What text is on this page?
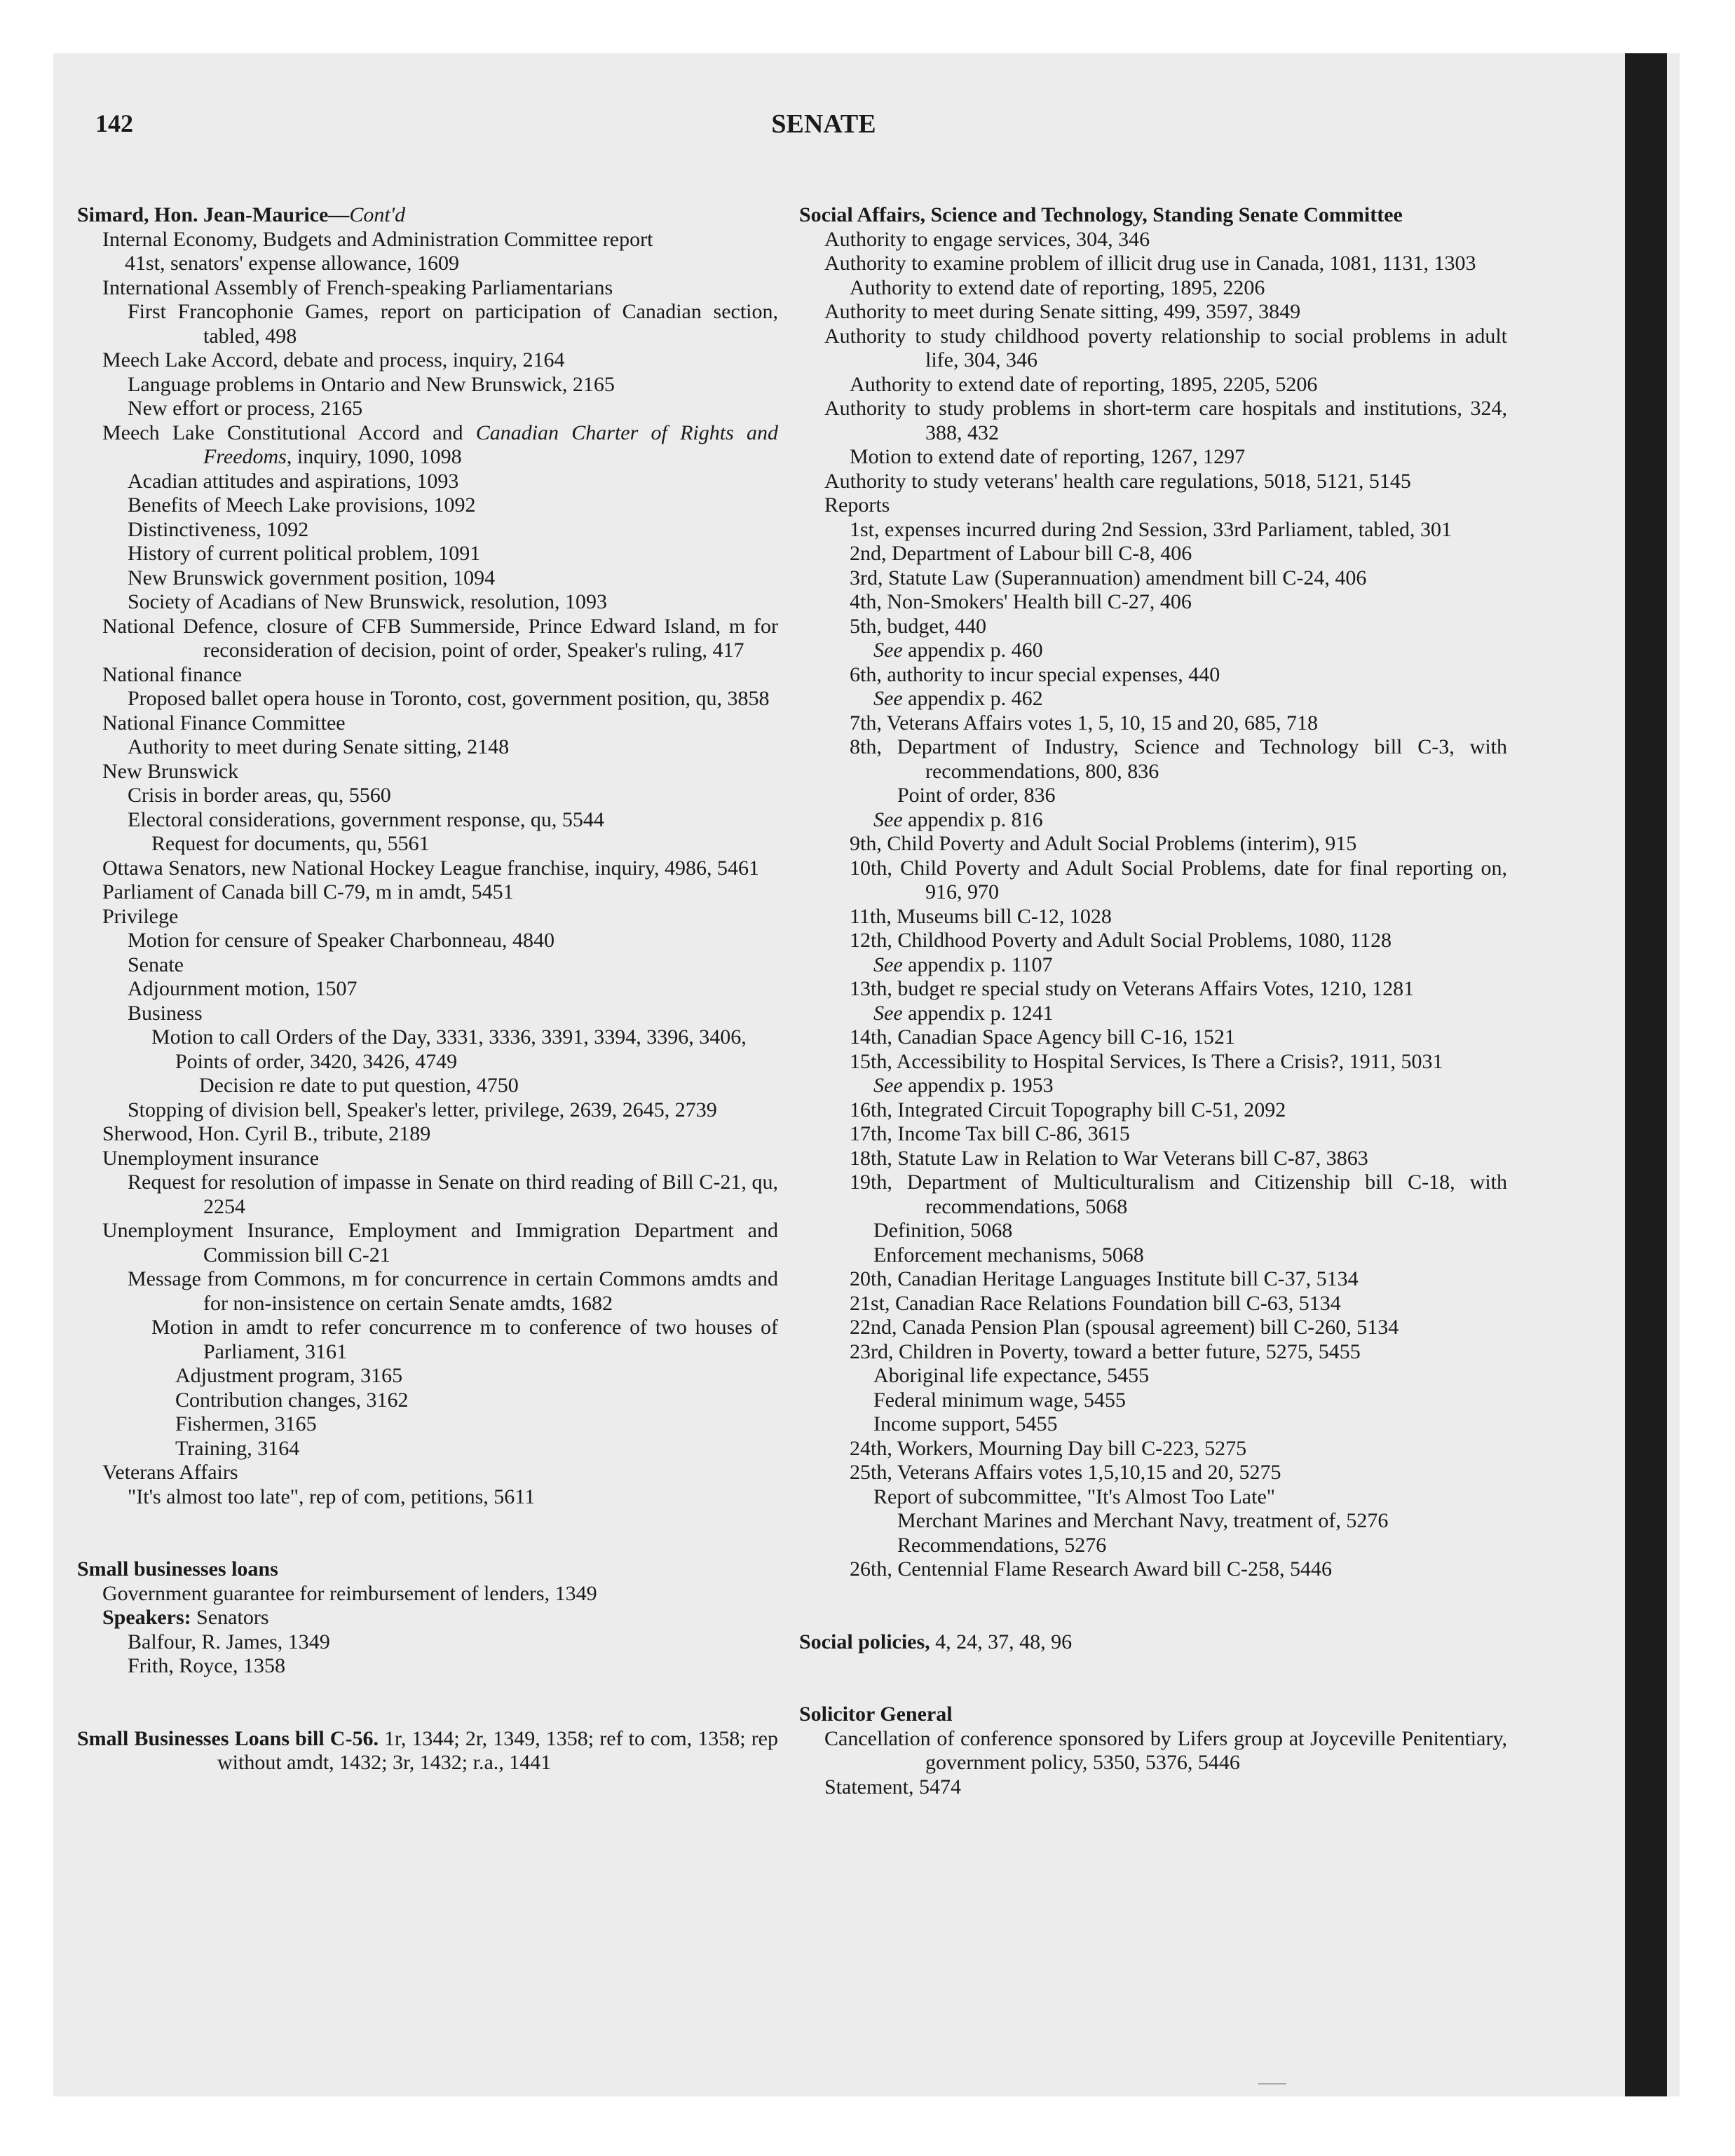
142	SENATE
Simard, Hon. Jean-Maurice—Cont'd
Internal Economy, Budgets and Administration Committee report
41st, senators' expense allowance, 1609
International Assembly of French-speaking Parliamentarians
First Francophonie Games, report on participation of Canadian section, tabled, 498
Meech Lake Accord, debate and process, inquiry, 2164
Language problems in Ontario and New Brunswick, 2165
New effort or process, 2165
Meech Lake Constitutional Accord and Canadian Charter of Rights and Freedoms, inquiry, 1090, 1098
Acadian attitudes and aspirations, 1093
Benefits of Meech Lake provisions, 1092
Distinctiveness, 1092
History of current political problem, 1091
New Brunswick government position, 1094
Society of Acadians of New Brunswick, resolution, 1093
National Defence, closure of CFB Summerside, Prince Edward Island, m for reconsideration of decision, point of order, Speaker's ruling, 417
National finance
Proposed ballet opera house in Toronto, cost, government position, qu, 3858
National Finance Committee
Authority to meet during Senate sitting, 2148
New Brunswick
Crisis in border areas, qu, 5560
Electoral considerations, government response, qu, 5544
Request for documents, qu, 5561
Ottawa Senators, new National Hockey League franchise, inquiry, 4986, 5461
Parliament of Canada bill C-79, m in amdt, 5451
Privilege
Motion for censure of Speaker Charbonneau, 4840
Senate
Adjournment motion, 1507
Business
Motion to call Orders of the Day, 3331, 3336, 3391, 3394, 3396, 3406,
Points of order, 3420, 3426, 4749
Decision re date to put question, 4750
Stopping of division bell, Speaker's letter, privilege, 2639, 2645, 2739
Sherwood, Hon. Cyril B., tribute, 2189
Unemployment insurance
Request for resolution of impasse in Senate on third reading of Bill C-21, qu, 2254
Unemployment Insurance, Employment and Immigration Department and Commission bill C-21
Message from Commons, m for concurrence in certain Commons amdts and for non-insistence on certain Senate amdts, 1682
Motion in amdt to refer concurrence m to conference of two houses of Parliament, 3161
Adjustment program, 3165
Contribution changes, 3162
Fishermen, 3165
Training, 3164
Veterans Affairs
"It's almost too late", rep of com, petitions, 5611
Small businesses loans
Government guarantee for reimbursement of lenders, 1349
Speakers: Senators
Balfour, R. James, 1349
Frith, Royce, 1358
Small Businesses Loans bill C-56. 1r, 1344; 2r, 1349, 1358; ref to com, 1358; rep without amdt, 1432; 3r, 1432; r.a., 1441
Social Affairs, Science and Technology, Standing Senate Committee
Authority to engage services, 304, 346
Authority to examine problem of illicit drug use in Canada, 1081, 1131, 1303
Authority to extend date of reporting, 1895, 2206
Authority to meet during Senate sitting, 499, 3597, 3849
Authority to study childhood poverty relationship to social problems in adult life, 304, 346
Authority to extend date of reporting, 1895, 2205, 5206
Authority to study problems in short-term care hospitals and institutions, 324, 388, 432
Motion to extend date of reporting, 1267, 1297
Authority to study veterans' health care regulations, 5018, 5121, 5145
Reports
1st, expenses incurred during 2nd Session, 33rd Parliament, tabled, 301
2nd, Department of Labour bill C-8, 406
3rd, Statute Law (Superannuation) amendment bill C-24, 406
4th, Non-Smokers' Health bill C-27, 406
5th, budget, 440
See appendix p. 460
6th, authority to incur special expenses, 440
See appendix p. 462
7th, Veterans Affairs votes 1, 5, 10, 15 and 20, 685, 718
8th, Department of Industry, Science and Technology bill C-3, with recommendations, 800, 836
Point of order, 836
See appendix p. 816
9th, Child Poverty and Adult Social Problems (interim), 915
10th, Child Poverty and Adult Social Problems, date for final reporting on, 916, 970
11th, Museums bill C-12, 1028
12th, Childhood Poverty and Adult Social Problems, 1080, 1128
See appendix p. 1107
13th, budget re special study on Veterans Affairs Votes, 1210, 1281
See appendix p. 1241
14th, Canadian Space Agency bill C-16, 1521
15th, Accessibility to Hospital Services, Is There a Crisis?, 1911, 5031
See appendix p. 1953
16th, Integrated Circuit Topography bill C-51, 2092
17th, Income Tax bill C-86, 3615
18th, Statute Law in Relation to War Veterans bill C-87, 3863
19th, Department of Multiculturalism and Citizenship bill C-18, with recommendations, 5068
Definition, 5068
Enforcement mechanisms, 5068
20th, Canadian Heritage Languages Institute bill C-37, 5134
21st, Canadian Race Relations Foundation bill C-63, 5134
22nd, Canada Pension Plan (spousal agreement) bill C-260, 5134
23rd, Children in Poverty, toward a better future, 5275, 5455
Aboriginal life expectance, 5455
Federal minimum wage, 5455
Income support, 5455
24th, Workers, Mourning Day bill C-223, 5275
25th, Veterans Affairs votes 1,5,10,15 and 20, 5275
Report of subcommittee, "It's Almost Too Late"
Merchant Marines and Merchant Navy, treatment of, 5276
Recommendations, 5276
26th, Centennial Flame Research Award bill C-258, 5446
Social policies, 4, 24, 37, 48, 96
Solicitor General
Cancellation of conference sponsored by Lifers group at Joyceville Penitentiary, government policy, 5350, 5376, 5446
Statement, 5474
